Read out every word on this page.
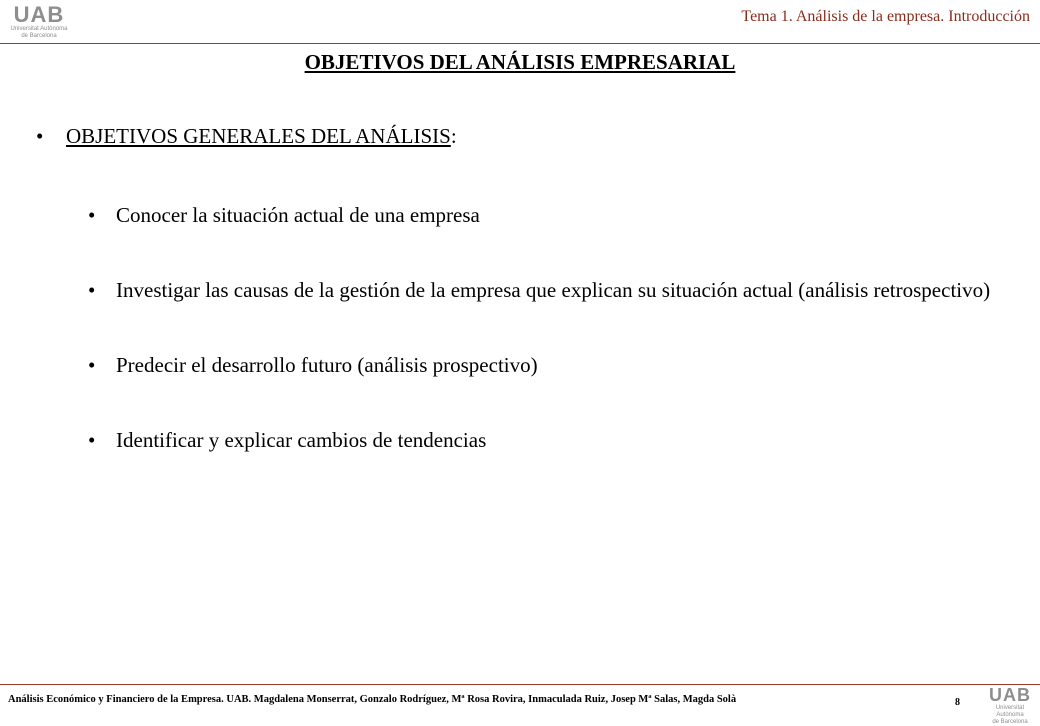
UAB
Universitat Autònoma
de Barcelona
Tema 1. Análisis de la empresa. Introducción
OBJETIVOS DEL ANÁLISIS EMPRESARIAL
•	OBJETIVOS GENERALES DEL ANÁLISIS:
• Conocer la situación actual de una empresa
• Investigar las causas de la gestión de la empresa que explican su situación actual (análisis retrospectivo)
• Predecir el desarrollo futuro (análisis prospectivo)
• Identificar y explicar cambios de tendencias
Análisis Económico y Financiero de la Empresa. UAB. Magdalena Monserrat, Gonzalo Rodríguez, Mª Rosa Rovira, Inmaculada Ruiz, Josep Mª Salas, Magda Solà	8	UAB
Universitat Autònoma
de Barcelona
